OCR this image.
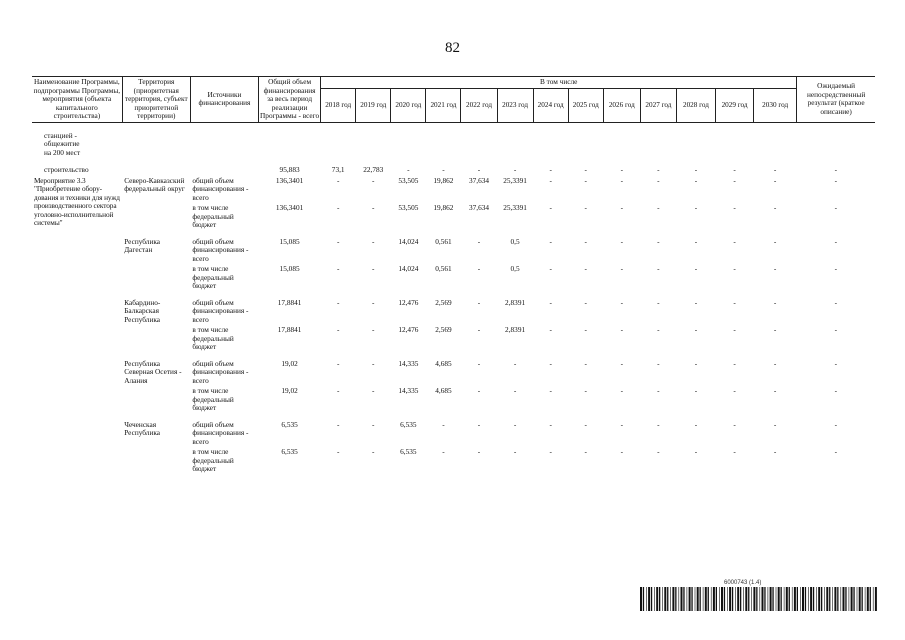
82
Наименование Программы, подпрограммы Программы, мероприятия (объекта капитального строительства)	Территория (приоритетная территория, субъект приоритетной территории)	Источники финансирования	Общий объем финансирования за весь период реализации Программы - всего	В том числе													Ожидаемый непосредственный результат (краткое описание)
				2018 год	2019 год	2020 год	2021 год	2022 год	2023 год	2024 год	2025 год	2026 год	2027 год	2028 год	2029 год	2030 год	

станцией -
общежитие
на 200 мест																	

строительство			95,883	73,1	22,783	-	-	-	-	-	-	-	-	-	-	-	-
Мероприятие 3.3 "Приобретение обору-дования и техники для нужд производственного сектора уголовно-исполнительной системы"	Северо-Кавказский федеральный округ	общий объем финансирования - всего	136,3401	-	-	53,505	19,862	37,634	25,3391	-	-	-	-	-	-	-	-
		в том числе федеральный бюджет	136,3401	-	-	53,505	19,862	37,634	25,3391	-	-	-	-	-	-	-	-

	Республика Дагестан	общий объем финансирования - всего	15,085	-	-	14,024	0,561	-	0,5	-	-	-	-	-	-	-	-
		в том числе федеральный бюджет	15,085	-	-	14,024	0,561	-	0,5	-	-	-	-	-	-	-	-

	Кабардино-Балкарская Республика	общий объем финансирования - всего	17,8841	-	-	12,476	2,569	-	2,8391	-	-	-	-	-	-	-	-
		в том числе федеральный бюджет	17,8841	-	-	12,476	2,569	-	2,8391	-	-	-	-	-	-	-	-

	Республика Северная Осетия - Алания	общий объем финансирования - всего	19,02	-	-	14,335	4,685	-	-	-	-	-	-	-	-	-	-
		в том числе федеральный бюджет	19,02	-	-	14,335	4,685	-	-	-	-	-	-	-	-	-	-

	Чеченская Республика	общий объем финансирования - всего	6,535	-	-	6,535	-	-	-	-	-	-	-	-	-	-	-
		в том числе федеральный бюджет	6,535	-	-	6,535	-	-	-	-	-	-	-	-	-	-	-
6000743 (1.4)
